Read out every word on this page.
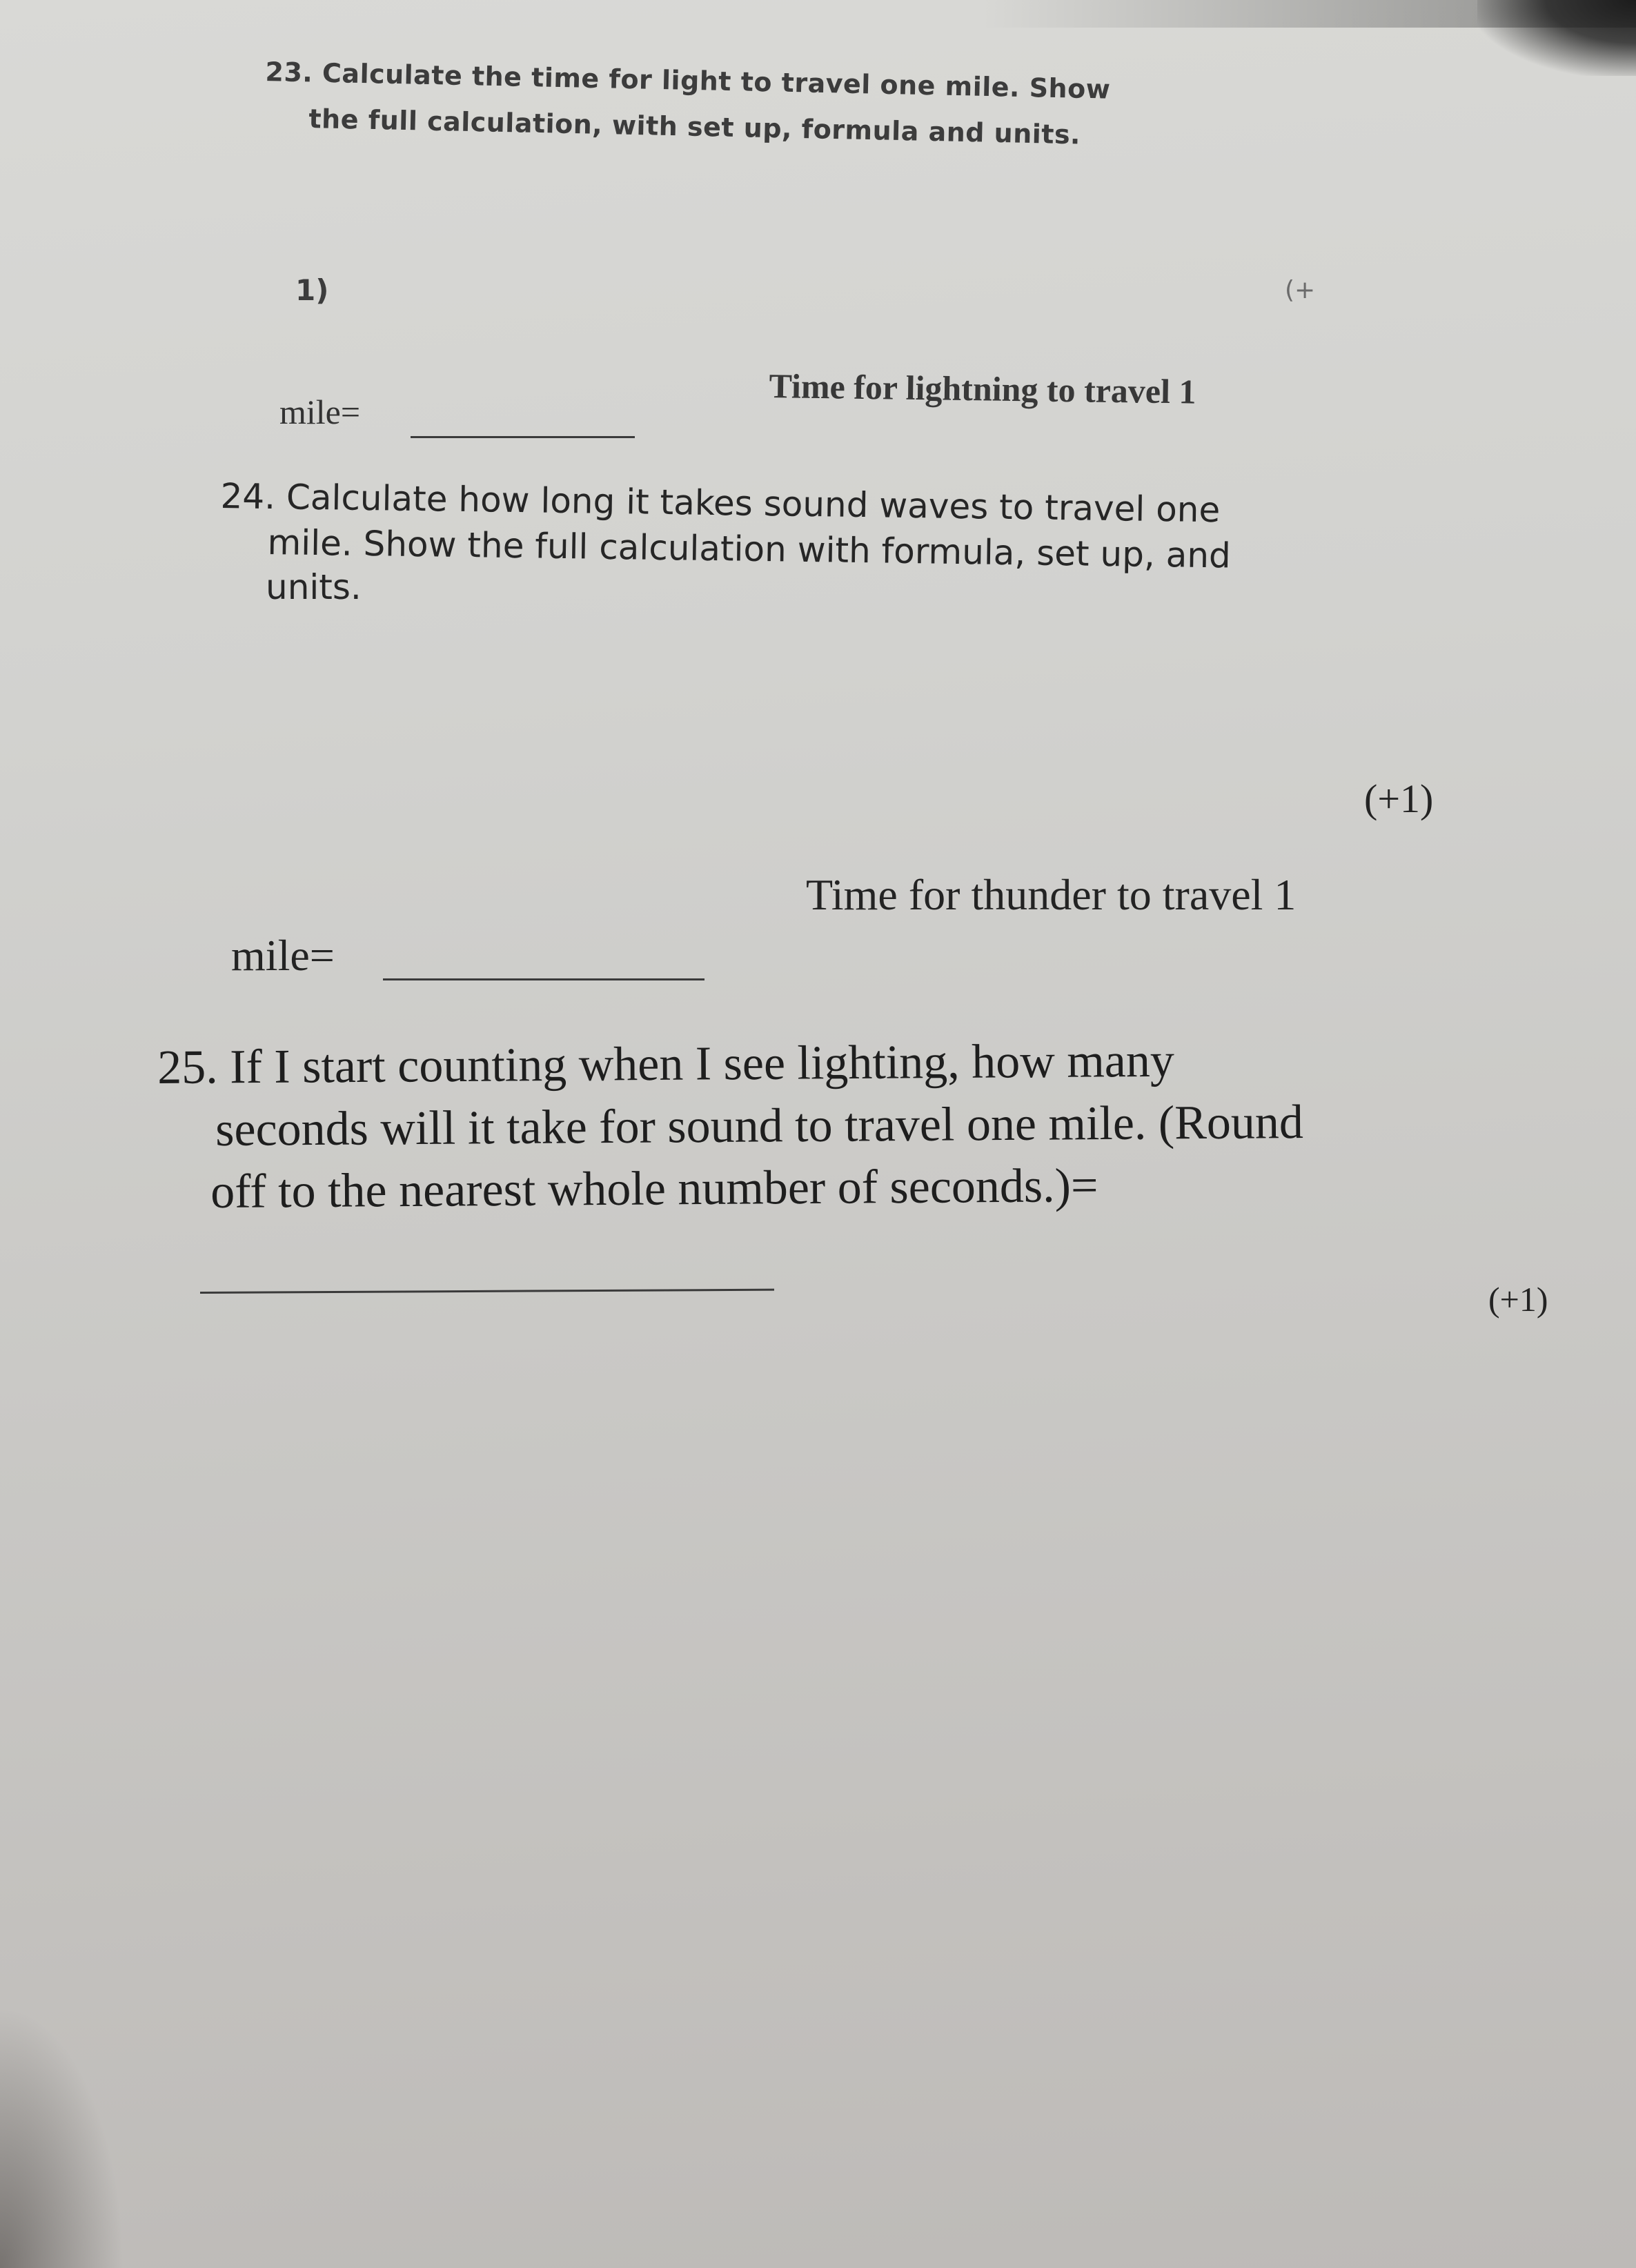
23. Calculate the time for light to travel one mile. Show
the full calculation, with set up, formula and units.
1)	(+
Time for lightning to travel 1
mile=
24. Calculate how long it takes sound waves to travel one
mile. Show the full calculation with formula, set up, and
units.
(+1)
Time for thunder to travel 1
mile=
25. If I start counting when I see lighting, how many
seconds will it take for sound to travel one mile. (Round
off to the nearest whole number of seconds.)=
(+1)
